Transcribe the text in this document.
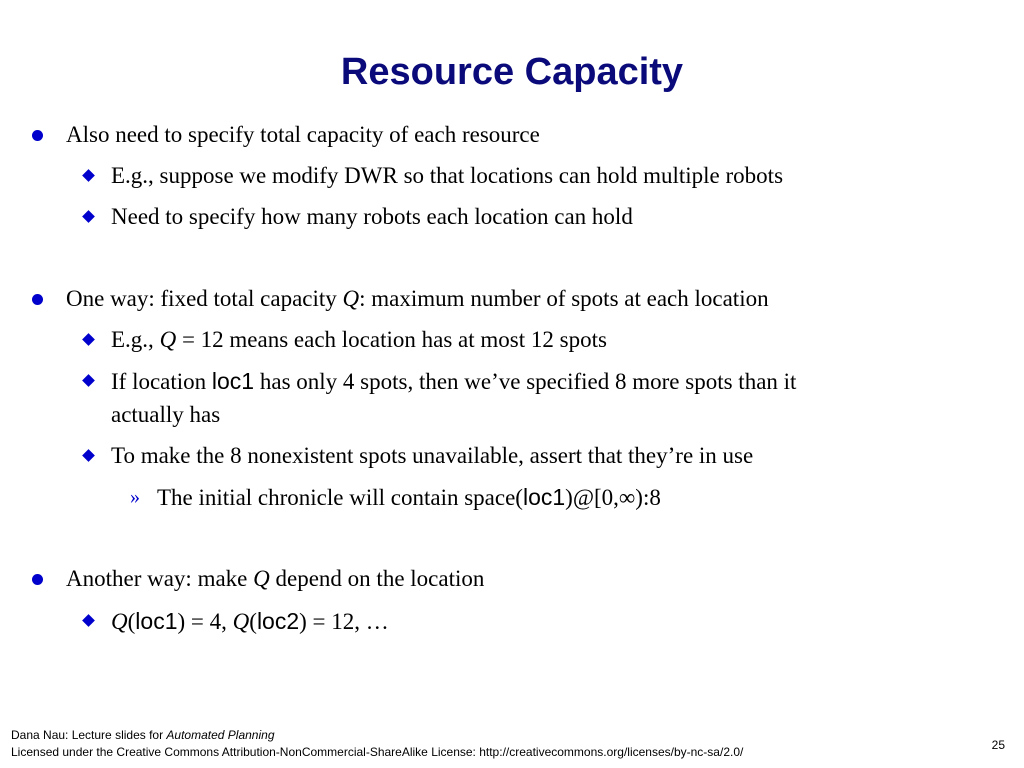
Resource Capacity
Also need to specify total capacity of each resource
E.g., suppose we modify DWR so that locations can hold multiple robots
Need to specify how many robots each location can hold
One way: fixed total capacity Q: maximum number of spots at each location
E.g., Q = 12 means each location has at most 12 spots
If location loc1 has only 4 spots, then we’ve specified 8 more spots than it
actually has
To make the 8 nonexistent spots unavailable, assert that they’re in use
» The initial chronicle will contain space(loc1)@[0,∞):8
Another way: make Q depend on the location
Q(loc1) = 4, Q(loc2) = 12, …
Dana Nau: Lecture slides for Automated Planning
Licensed under the Creative Commons Attribution-NonCommercial-ShareAlike License: http://creativecommons.org/licenses/by-nc-sa/2.0/	25
